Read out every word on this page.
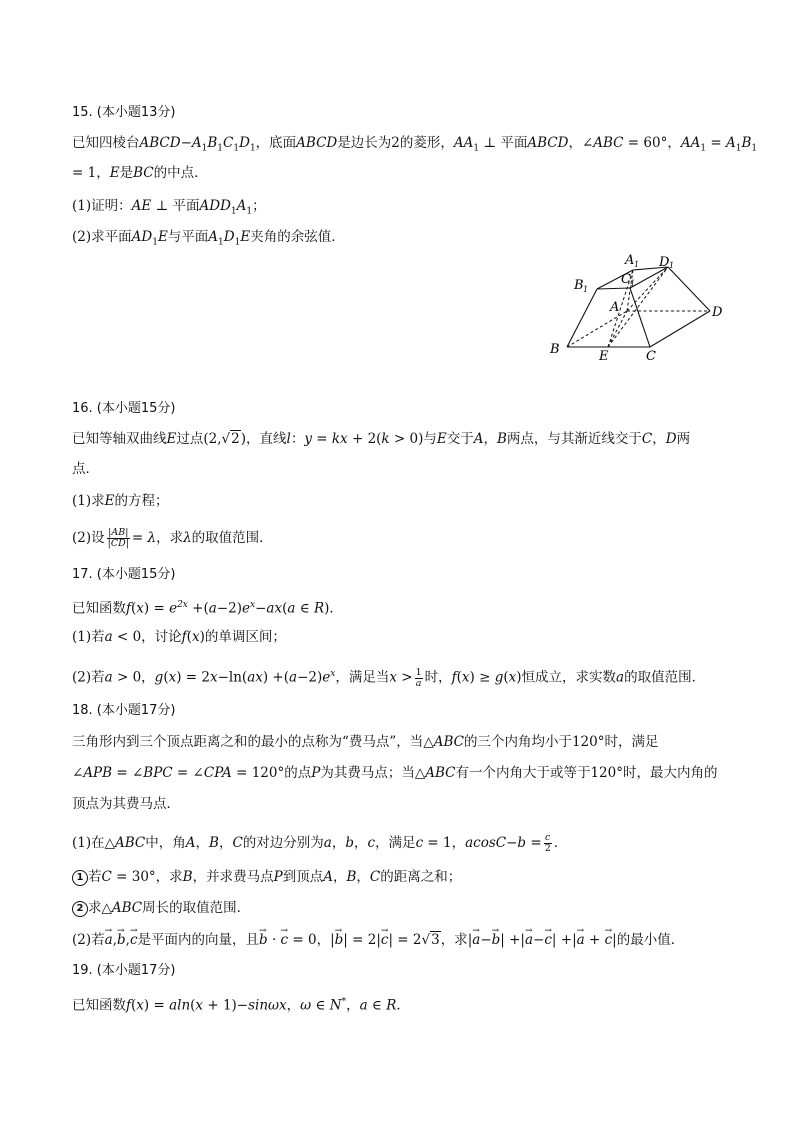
15. (本小题13分)
已知四棱台$ABCD-A_1B_1C_1D_1$，底面ABCD是边长为2的菱形，$AA_1$ ⊥ 平面ABCD，∠ABC = 60°，$AA_1 = A_1B_1$
= 1，E是BC的中点．
(1)证明：AE ⊥ 平面$ADD_1A_1$；
(2)求平面$AD_1E$与平面$A_1D_1E$夹角的余弦值．
A 1
C 1
D 1
B 1
A	D
B	E	C
16. (本小题15分)
已知等轴双曲线E过点(2,√2)，直线l：y = kx + 2(k > 0)与E交于A，B两点，与其渐近线交于C，D两
点．
(1)求E的方程；
(2)设 $\frac{|AB|}{|CD|} = \lambda$，求λ的取值范围．
17. (本小题15分)
已知函数$f(x) = e^{2x} +(a-2)e^x-ax(a$ ∈ R)．
(1)若a < 0，讨论f(x)的单调区间；
(2)若a > 0，$g(x) = 2x-\ln(ax) +(a-2)e^x$，满足当$x > \frac{1}{a}$ 时，f(x) ≥ g(x)恒成立，求实数a的取值范围．
18. (本小题17分)
三角形内到三个顶点距离之和的最小的点称为“费马点”，当△ABC的三个内角均小于120°时，满足
∠APB = ∠BPC = ∠CPA = 120°的点P为其费马点；当△ABC有一个内角大于或等于120°时，最大内角的
顶点为其费马点．
(1)在△ABC中，角A，B，C的对边分别为a，b，c，满足c = 1，$acosC-b = \frac{c}{2}$ ．
1 若C = 30°，求B，并求费马点P到顶点A，B，C的距离之和；
2 求△ABC周长的取值范围．
(2)若→ a,→ b,→ c是平面内的向量，且→ b · → c = 0，|→ b| = 2|→ c| = 2√3，求|→ a−→ b| +|→ a−→ c| +|→ a + → c|的最小值．
19. (本小题17分)
已知函数f(x) = aln(x + 1)−sinωx，ω ∈ N*，a ∈ R．
